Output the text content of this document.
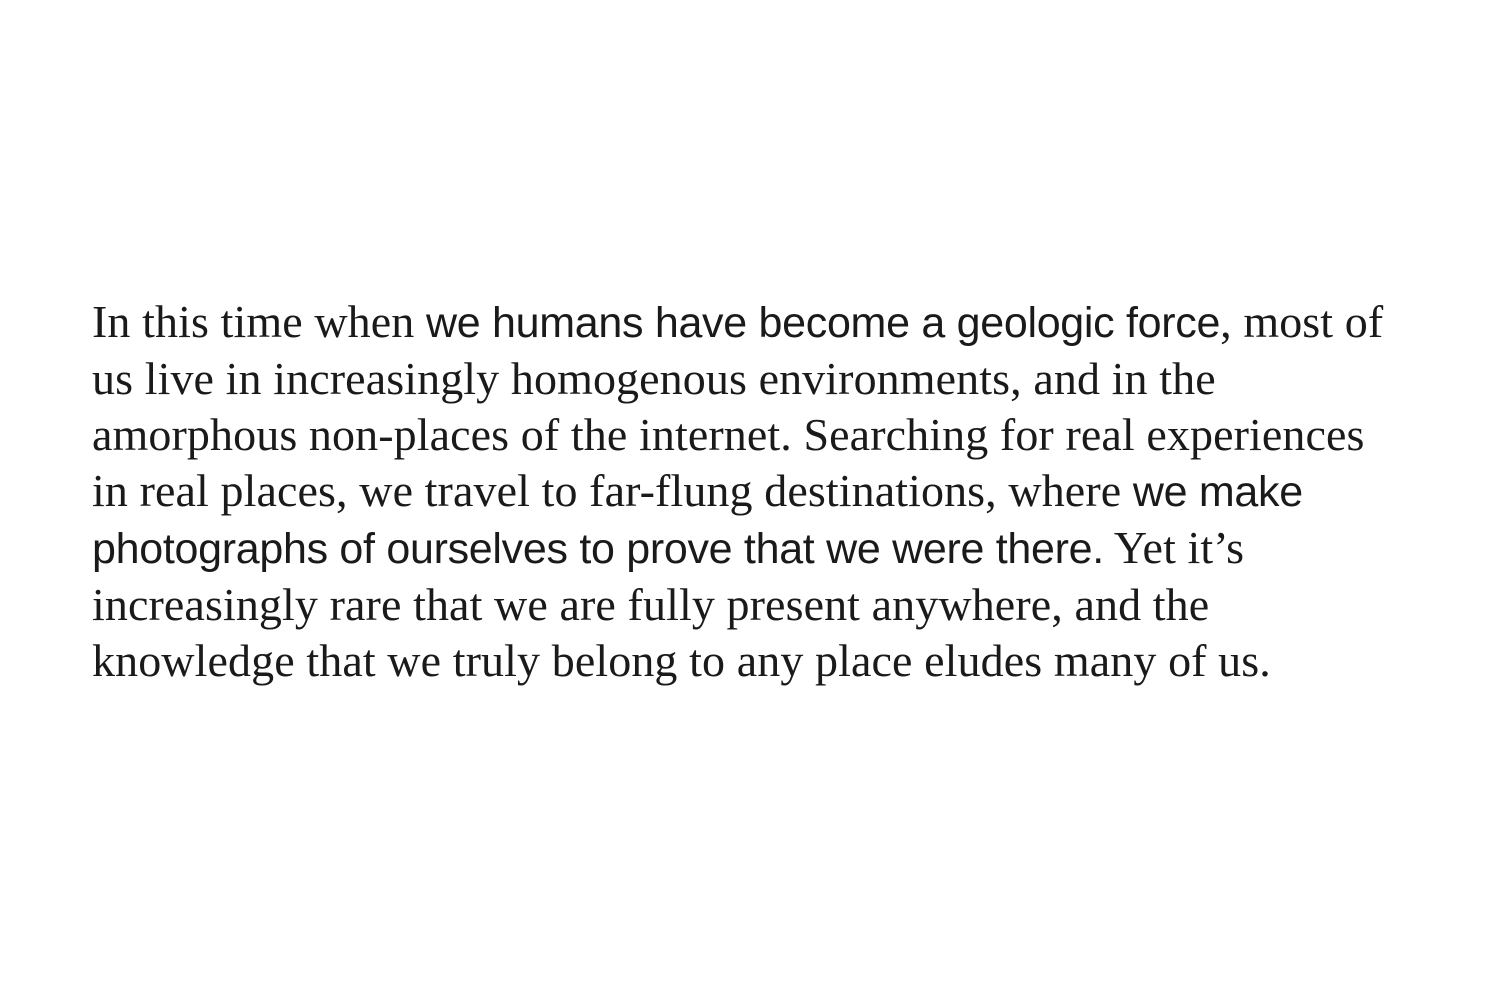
In this time when we humans have become a geologic force, most of us live in increasingly homogenous environments, and in the amorphous non-places of the internet. Searching for real experiences in real places, we travel to far-flung destinations, where we make photographs of ourselves to prove that we were there. Yet it’s increasingly rare that we are fully present anywhere, and the knowledge that we truly belong to any place eludes many of us.
